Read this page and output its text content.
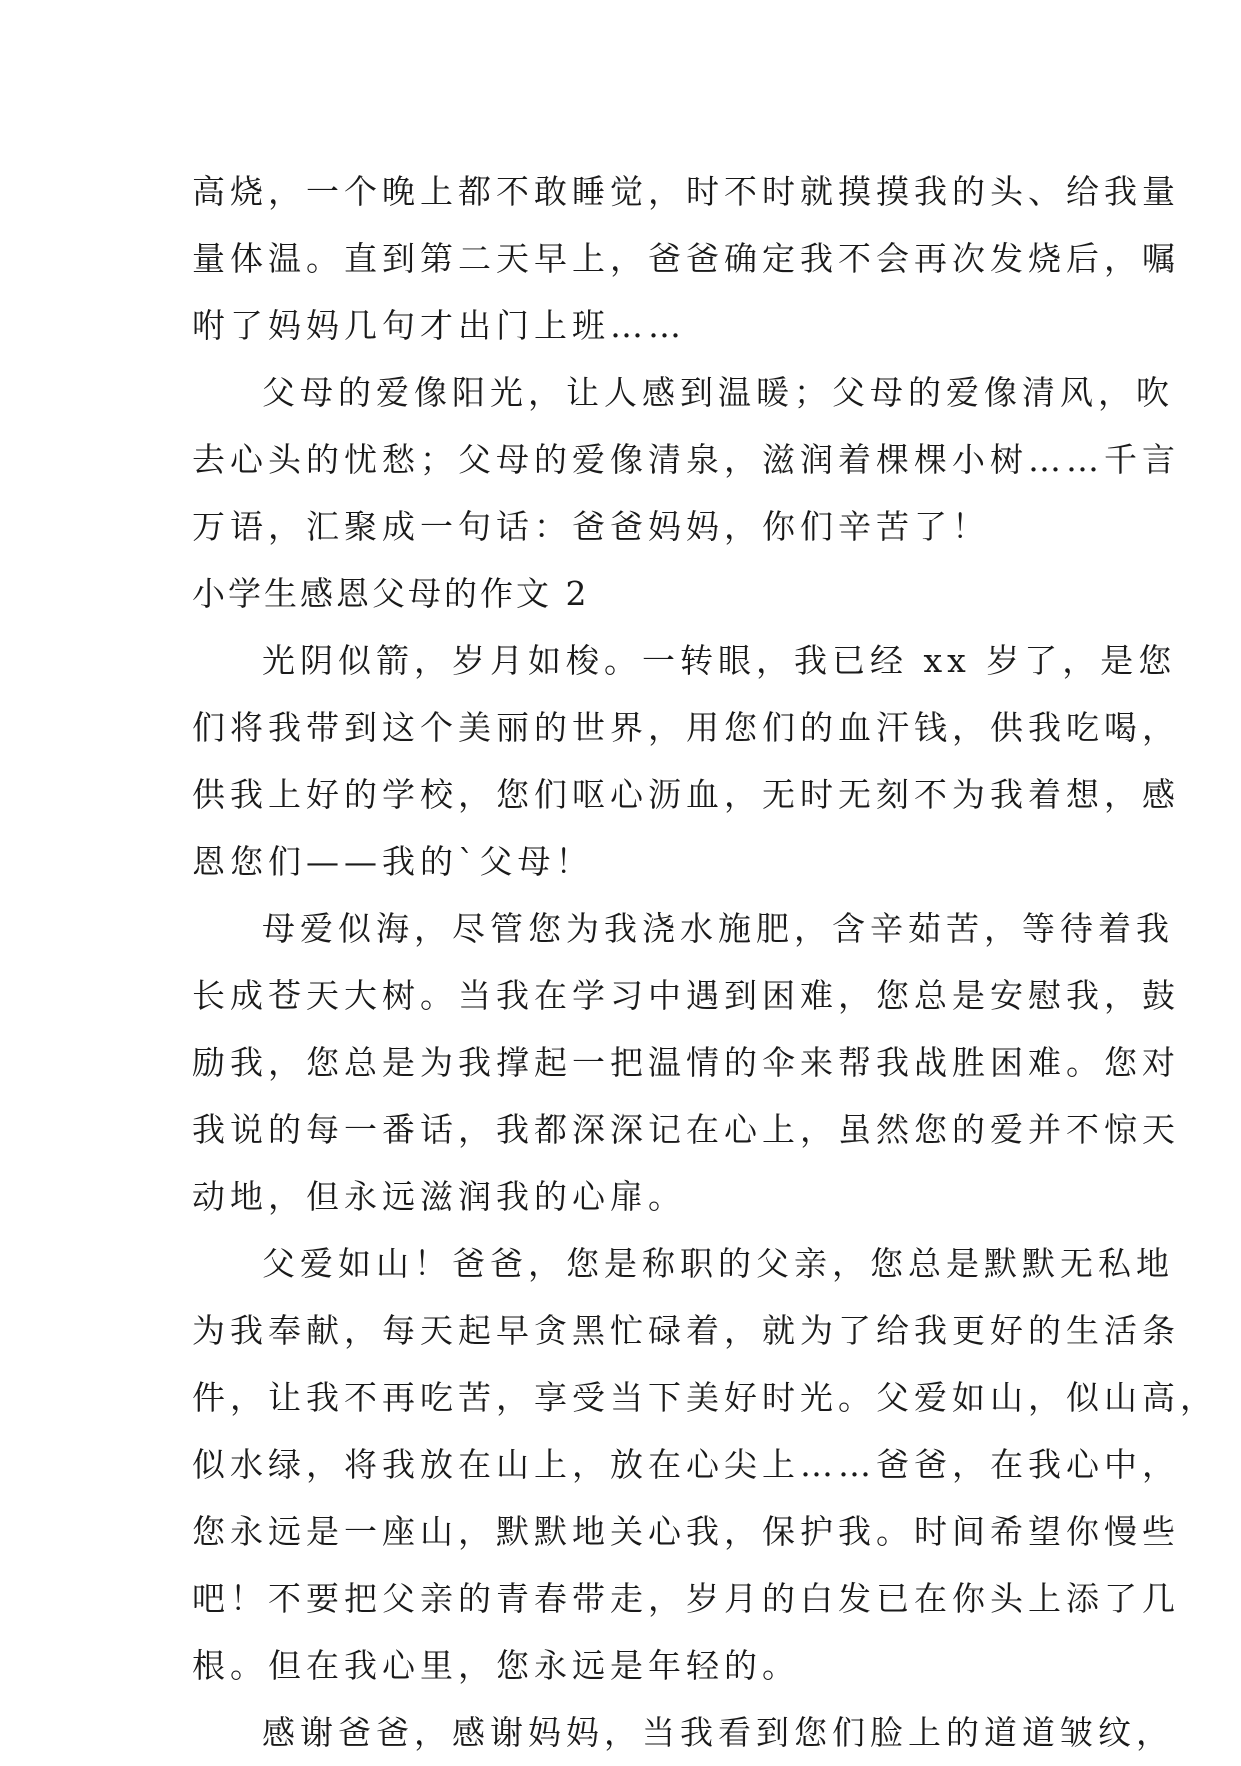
高烧，一个晚上都不敢睡觉，时不时就摸摸我的头、给我量
量体温。直到第二天早上，爸爸确定我不会再次发烧后，嘱
咐了妈妈几句才出门上班……
父母的爱像阳光，让人感到温暖；父母的爱像清风，吹
去心头的忧愁；父母的爱像清泉，滋润着棵棵小树……千言
万语，汇聚成一句话：爸爸妈妈，你们辛苦了！
小学生感恩父母的作文 2
光阴似箭，岁月如梭。一转眼，我已经 xx 岁了，是您
们将我带到这个美丽的世界，用您们的血汗钱，供我吃喝，
供我上好的学校，您们呕心沥血，无时无刻不为我着想，感
恩您们——我的`父母！
母爱似海，尽管您为我浇水施肥，含辛茹苦，等待着我
长成苍天大树。当我在学习中遇到困难，您总是安慰我，鼓
励我，您总是为我撑起一把温情的伞来帮我战胜困难。您对
我说的每一番话，我都深深记在心上，虽然您的爱并不惊天
动地，但永远滋润我的心扉。
父爱如山！爸爸，您是称职的父亲，您总是默默无私地
为我奉献，每天起早贪黑忙碌着，就为了给我更好的生活条
件，让我不再吃苦，享受当下美好时光。父爱如山，似山高，
似水绿，将我放在山上，放在心尖上……爸爸，在我心中，
您永远是一座山，默默地关心我，保护我。时间希望你慢些
吧！不要把父亲的青春带走，岁月的白发已在你头上添了几
根。但在我心里，您永远是年轻的。
感谢爸爸，感谢妈妈，当我看到您们脸上的道道皱纹，
